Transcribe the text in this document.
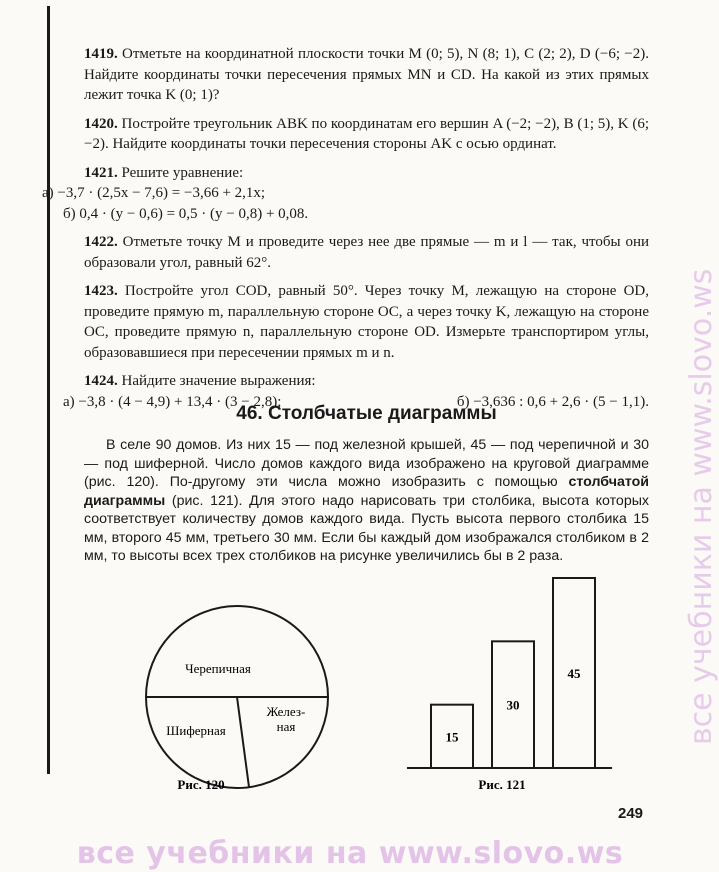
1419. Отметьте на координатной плоскости точки M (0; 5), N (8; 1), C (2; 2), D (−6; −2). Найдите координаты точки пересечения прямых MN и CD. На какой из этих прямых лежит точка K (0; 1)?

1420. Постройте треугольник ABK по координатам его вершин A (−2; −2), B (1; 5), K (6; −2). Найдите координаты точки пересечения стороны AK с осью ординат.

1421. Решите уравнение:

а) −3,7 · (2,5x − 7,6) = −3,66 + 2,1x;

б) 0,4 · (y − 0,6) = 0,5 · (y − 0,8) + 0,08.

1422. Отметьте точку M и проведите через нее две прямые — m и l — так, чтобы они образовали угол, равный 62°.

1423. Постройте угол COD, равный 50°. Через точку M, лежащую на стороне OD, проведите прямую m, параллельную стороне OC, а через точку K, лежащую на стороне OC, проведите прямую n, параллельную стороне OD. Измерьте транспортиром углы, образовавшиеся при пересечении прямых m и n.

1424. Найдите значение выражения:

а) −3,8 · (4 − 4,9) + 13,4 · (3 − 2,8);	б) −3,636 : 0,6 + 2,6 · (5 − 1,1).
46. Столбчатые диаграммы

В селе 90 домов. Из них 15 — под железной крышей, 45 — под черепичной и 30 — под шиферной. Число домов каждого вида изображено на круговой диаграмме (рис. 120). По-другому эти числа можно изобразить с помощью столбчатой диаграммы (рис. 121). Для этого надо нарисовать три столбика, высота которых соответствует количеству домов каждого вида. Пусть высота первого столбика 15 мм, второго 45 мм, третьего 30 мм. Если бы каждый дом изображался столбиком в 2 мм, то высоты всех трех столбиков на рисунке увеличились бы в 2 раза.

Черепичная
Шиферная
Желез-ная
Рис. 120	Рис. 121
15
30
45
249
все учебники на www.slovo.ws
все учебники на www.slovo.ws
